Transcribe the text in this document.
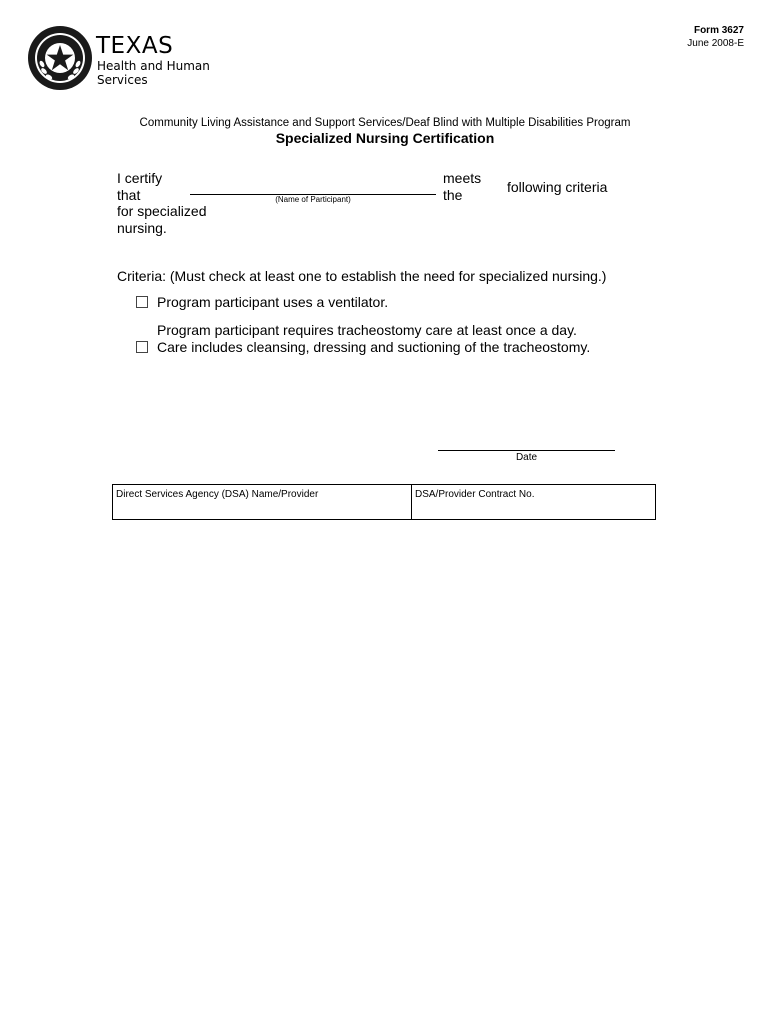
TEXAS
Health and Human
Services
Form 3627
June 2008-E
Community Living Assistance and Support Services/Deaf Blind with Multiple Disabilities Program
Specialized Nursing Certification
I certify
that
for specialized
nursing.
(Name of Participant)
meets
the	following criteria
Criteria: (Must check at least one to establish the need for specialized nursing.)
Program participant uses a ventilator.
Program participant requires tracheostomy care at least once a day.
Care includes cleansing, dressing and suctioning of the tracheostomy.
Date
Direct Services Agency (DSA) Name/Provider	DSA/Provider Contract No.
